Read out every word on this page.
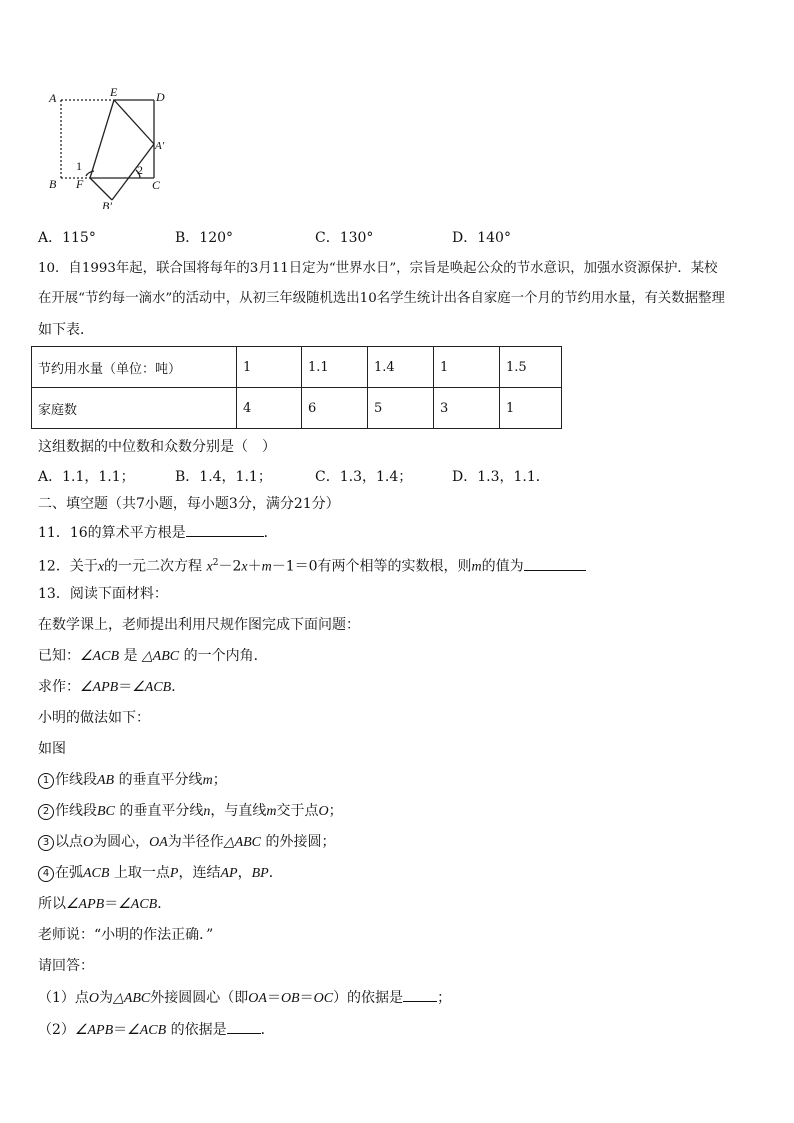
A	E	D
A'
B F	C
B'
1	2
A．115°	B．120°	C．130°	D．140°
10．自1993年起，联合国将每年的3月11日定为“世界水日”，宗旨是唤起公众的节水意识，加强水资源保护．某校
在开展“节约每一滴水”的活动中，从初三年级随机选出10名学生统计出各自家庭一个月的节约用水量，有关数据整理
如下表．
节约用水量（单位：吨）	1	1.1	1.4	1	1.5
家庭数	4	6	5	3	1
这组数据的中位数和众数分别是（　）
A．1.1，1.1；	B．1.4，1.1；	C．1.3，1.4；	D．1.3，1.1．
二、填空题（共7小题，每小题3分，满分21分）
11．16的算术平方根是	．
12．关于x的一元二次方程 $x^2-2x+m-1=0$有两个相等的实数根，则m的值为
13．阅读下面材料：
在数学课上，老师提出利用尺规作图完成下面问题：
已知：∠ACB 是 △ABC 的一个内角．
求作：∠APB＝∠ACB．
小明的做法如下：
如图
1 作线段AB 的垂直平分线m；
2 作线段BC 的垂直平分线n，与直线m交于点O；
3 以点O为圆心，OA为半径作△ABC 的外接圆；
4 在弧ACB 上取一点P，连结AP，BP．
所以∠APB＝∠ACB．
老师说：“小明的作法正确．”
请回答：
（1）点O为△ABC外接圆圆心（即OA＝OB＝OC）的依据是 ；
（2）∠APB＝∠ACB 的依据是 ．
